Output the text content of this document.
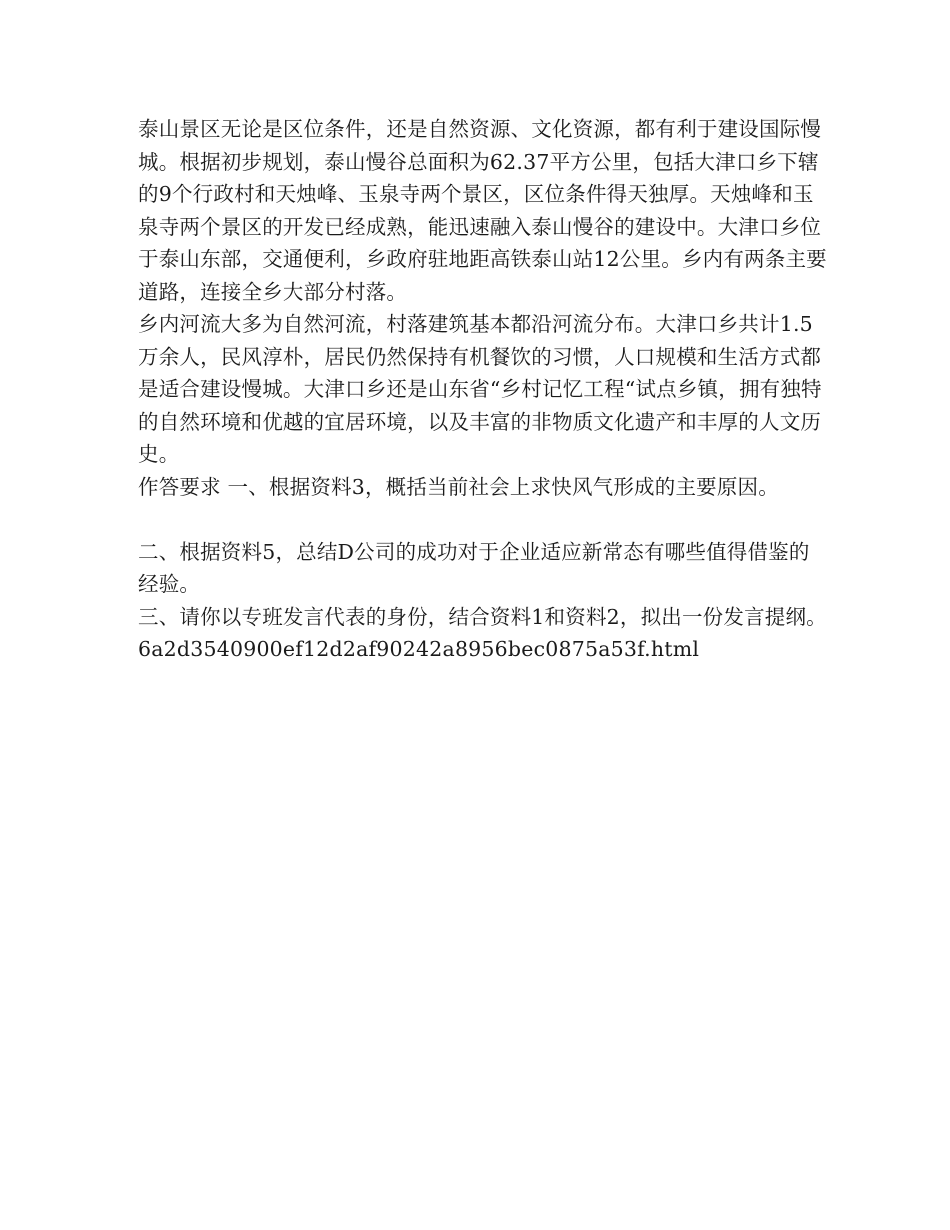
泰山景区无论是区位条件，还是自然资源、文化资源，都有利于建设国际慢城。根据初步规划，泰山慢谷总面积为62.37平方公里，包括大津口乡下辖的9个行政村和天烛峰、玉泉寺两个景区，区位条件得天独厚。天烛峰和玉泉寺两个景区的开发已经成熟，能迅速融入泰山慢谷的建设中。大津口乡位于泰山东部，交通便利，乡政府驻地距高铁泰山站12公里。乡内有两条主要道路，连接全乡大部分村落。

乡内河流大多为自然河流，村落建筑基本都沿河流分布。大津口乡共计1.5万余人，民风淳朴，居民仍然保持有机餐饮的习惯，人口规模和生活方式都是适合建设慢城。大津口乡还是山东省“乡村记忆工程“试点乡镇，拥有独特的自然环境和优越的宜居环境，以及丰富的非物质文化遗产和丰厚的人文历史。

作答要求 一、根据资料3，概括当前社会上求快风气形成的主要原因。

二、根据资料5，总结D公司的成功对于企业适应新常态有哪些值得借鉴的经验。

三、请你以专班发言代表的身份，结合资料1和资料2，拟出一份发言提纲。

6a2d3540900ef12d2af90242a8956bec0875a53f.html
